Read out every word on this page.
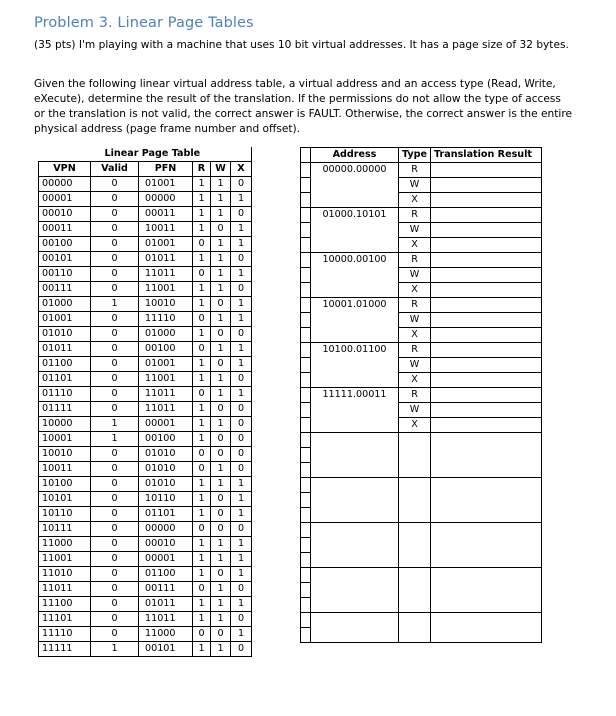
Problem 3. Linear Page Tables
(35 pts) I'm playing with a machine that uses 10 bit virtual addresses. It has a page size of 32 bytes.
Given the following linear virtual address table, a virtual address and an access type (Read, Write, eXecute), determine the result of the translation. If the permissions do not allow the type of access or the translation is not valid, the correct answer is FAULT. Otherwise, the correct answer is the entire physical address (page frame number and offset).
	Linear Page Table				
VPN	Valid	PFN	R	W	X
00000	0	01001	1	1	0
00001	0	00000	1	1	1
00010	0	00011	1	1	0
00011	0	10011	1	0	1
00100	0	01001	0	1	1
00101	0	01011	1	1	0
00110	0	11011	0	1	1
00111	0	11001	1	1	0
01000	1	10010	1	0	1
01001	0	11110	0	1	1
01010	0	01000	1	0	0
01011	0	00100	0	1	1
01100	0	01001	1	0	1
01101	0	11001	1	1	0
01110	0	11011	0	1	1
01111	0	11011	1	0	0
10000	1	00001	1	1	0
10001	1	00100	1	0	0
10010	0	01010	0	0	0
10011	0	01010	0	1	0
10100	0	01010	1	1	1
10101	0	10110	1	0	1
10110	0	01101	1	0	1
10111	0	00000	0	0	0
11000	0	00010	1	1	1
11001	0	00001	1	1	1
11010	0	01100	1	0	1
11011	0	00111	0	1	0
11100	0	01011	1	1	1
11101	0	11011	1	1	0
11110	0	11000	0	0	1
11111	1	00101	1	1	0
	Address	Type	Translation Result
	00000.00000	R	
		W	
		X	
	01000.10101	R	
		W	
		X	
	10000.00100	R	
		W	
		X	
	10001.01000	R	
		W	
		X	
	10100.01100	R	
		W	
		X	
	11111.00011	R	
		W	
		X	
